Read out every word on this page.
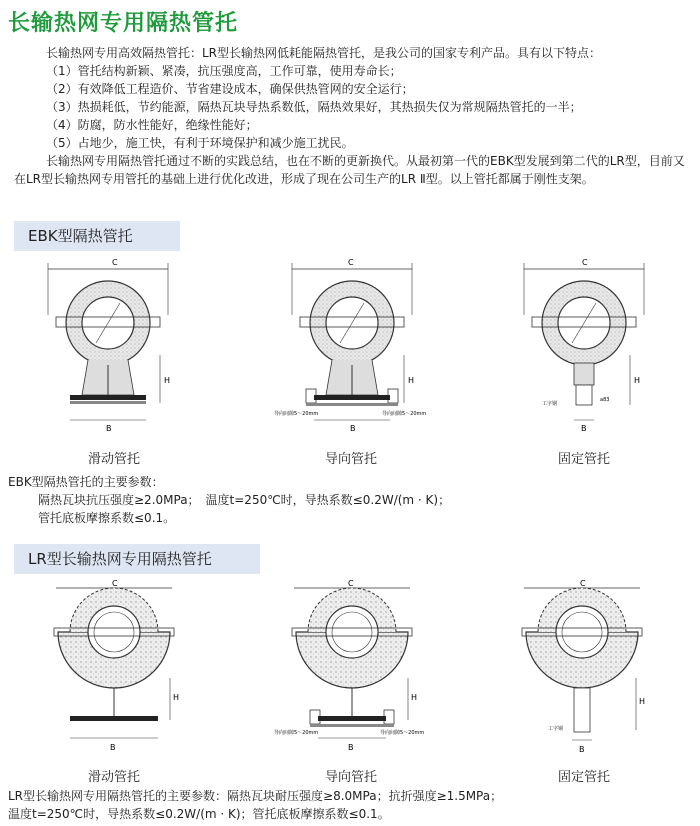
长输热网专用隔热管托

长输热网专用高效隔热管托：LR型长输热网低耗能隔热管托，是我公司的国家专利产品。具有以下特点：

（1）管托结构新颖、紧凑，抗压强度高，工作可靠，使用寿命长；

（2）有效降低工程造价、节省建设成本，确保供热管网的安全运行；

（3）热损耗低，节约能源，隔热瓦块导热系数低，隔热效果好，其热损失仅为常规隔热管托的一半；

（4）防腐，防水性能好，绝缘性能好；

（5）占地少，施工快，有利于环境保护和减少施工扰民。

长输热网专用隔热管托通过不断的实践总结，也在不断的更新换代。从最初第一代的EBK型发展到第二代的LR型，目前又在LR型长输热网专用管托的基础上进行优化改进，形成了现在公司生产的LR Ⅱ型。以上管托都属于刚性支架。

EBK型隔热管托
C
B
H
C
导向间隙5～20mm	导向间隙5～20mm
B
H
C
工字钢
a83
B
H
滑动管托	导向管托	固定管托
EBK型隔热管托的主要参数：
隔热瓦块抗压强度≥2.0MPa；　温度t=250℃时，导热系数≤0.2W/(m · K)；
管托底板摩擦系数≤0.1。
LR型长输热网专用隔热管托
C
B
H
C
导向间隙5～20mm	导向间隙5～20mm
B
H
C
工字钢
B
H
滑动管托	导向管托	固定管托
LR型长输热网专用隔热管托的主要参数：隔热瓦块耐压强度≥8.0MPa；抗折强度≥1.5MPa；
温度t=250℃时，导热系数≤0.2W/(m · K)；管托底板摩擦系数≤0.1。
